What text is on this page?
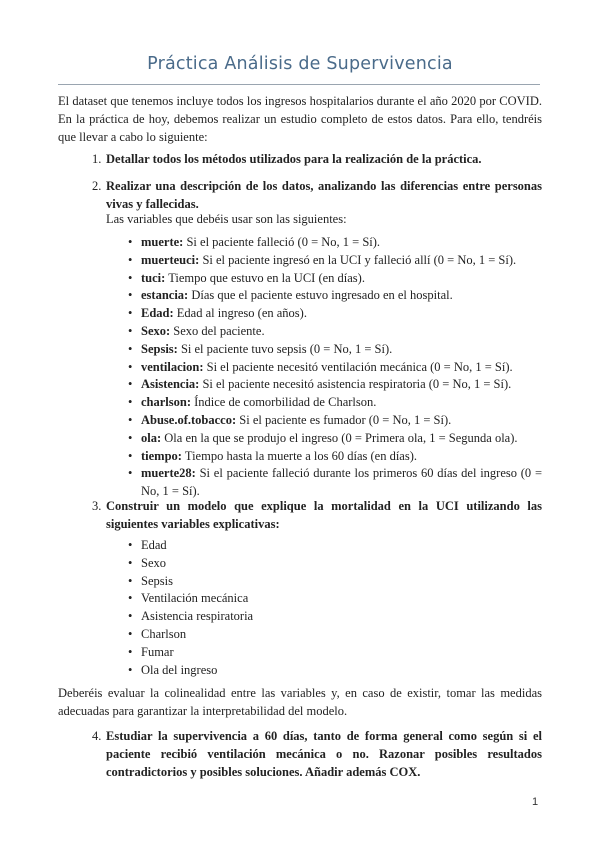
Práctica Análisis de Supervivencia

El dataset que tenemos incluye todos los ingresos hospitalarios durante el año 2020 por COVID. En la práctica de hoy, debemos realizar un estudio completo de estos datos. Para ello, tendréis que llevar a cabo lo siguiente:

1. Detallar todos los métodos utilizados para la realización de la práctica.
2. Realizar una descripción de los datos, analizando las diferencias entre personas vivas y fallecidas.
Las variables que debéis usar son las siguientes:
• muerte: Si el paciente falleció (0 = No, 1 = Sí).
• muerteuci: Si el paciente ingresó en la UCI y falleció allí (0 = No, 1 = Sí).
• tuci: Tiempo que estuvo en la UCI (en días).
• estancia: Días que el paciente estuvo ingresado en el hospital.
• Edad: Edad al ingreso (en años).
• Sexo: Sexo del paciente.
• Sepsis: Si el paciente tuvo sepsis (0 = No, 1 = Sí).
• ventilacion: Si el paciente necesitó ventilación mecánica (0 = No, 1 = Sí).
• Asistencia: Si el paciente necesitó asistencia respiratoria (0 = No, 1 = Sí).
• charlson: Índice de comorbilidad de Charlson.
• Abuse.of.tobacco: Si el paciente es fumador (0 = No, 1 = Sí).
• ola: Ola en la que se produjo el ingreso (0 = Primera ola, 1 = Segunda ola).
• tiempo: Tiempo hasta la muerte a los 60 días (en días).
• muerte28: Si el paciente falleció durante los primeros 60 días del ingreso (0 = No, 1 = Sí).
3. Construir un modelo que explique la mortalidad en la UCI utilizando las siguientes variables explicativas:
• Edad
• Sexo
• Sepsis
• Ventilación mecánica
• Asistencia respiratoria
• Charlson
• Fumar
• Ola del ingreso

Deberéis evaluar la colinealidad entre las variables y, en caso de existir, tomar las medidas adecuadas para garantizar la interpretabilidad del modelo.

4. Estudiar la supervivencia a 60 días, tanto de forma general como según si el paciente recibió ventilación mecánica o no. Razonar posibles resultados contradictorios y posibles soluciones. Añadir además COX.
1
